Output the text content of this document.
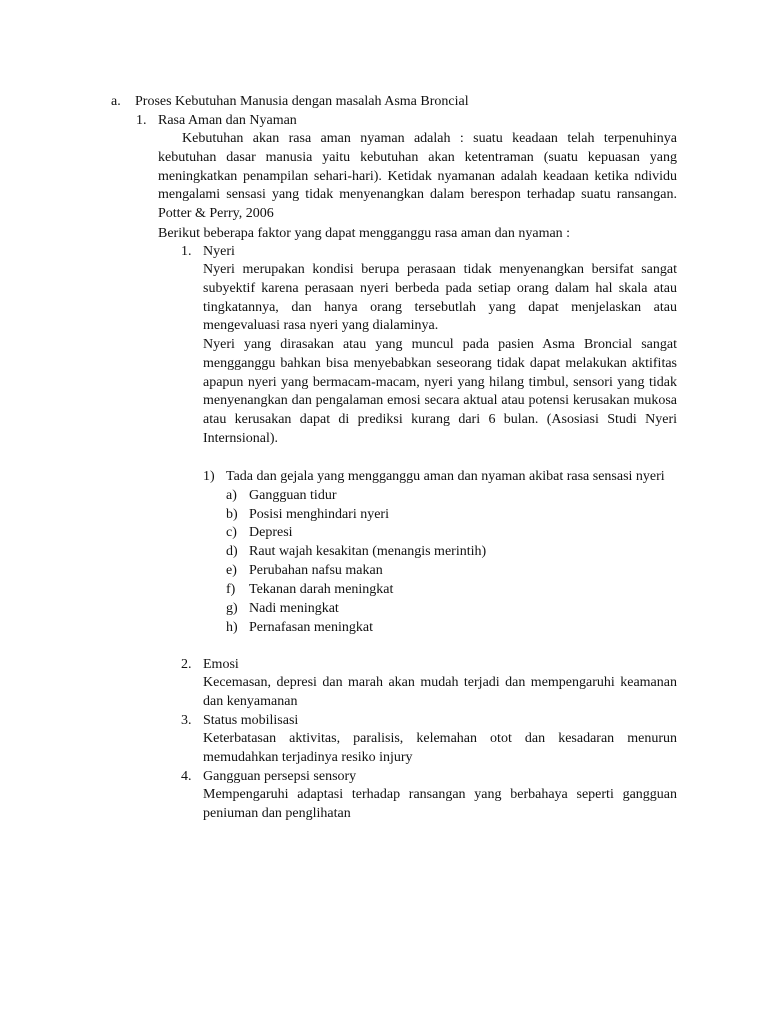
a. Proses Kebutuhan Manusia dengan masalah Asma Broncial
1. Rasa Aman dan Nyaman
Kebutuhan akan rasa aman nyaman adalah : suatu keadaan telah terpenuhinya kebutuhan dasar manusia yaitu kebutuhan akan ketentraman (suatu kepuasan yang meningkatkan penampilan sehari-hari). Ketidak nyamanan adalah keadaan ketika ndividu mengalami sensasi yang tidak menyenangkan dalam berespon terhadap suatu ransangan. Potter & Perry, 2006
Berikut beberapa faktor yang dapat mengganggu rasa aman dan nyaman :
1. Nyeri
Nyeri merupakan kondisi berupa perasaan tidak menyenangkan bersifat sangat subyektif karena perasaan nyeri berbeda pada setiap orang dalam hal skala atau tingkatannya, dan hanya orang tersebutlah yang dapat menjelaskan atau mengevaluasi rasa nyeri yang dialaminya.
Nyeri yang dirasakan atau yang muncul pada pasien Asma Broncial sangat mengganggu bahkan bisa menyebabkan seseorang tidak dapat melakukan aktifitas apapun nyeri yang bermacam-macam, nyeri yang hilang timbul, sensori yang tidak menyenangkan dan pengalaman emosi secara aktual atau potensi kerusakan mukosa atau kerusakan dapat di prediksi kurang dari 6 bulan. (Asosiasi Studi Nyeri Internsional).
1) Tada dan gejala yang mengganggu aman dan nyaman akibat rasa sensasi nyeri
a) Gangguan tidur
b) Posisi menghindari nyeri
c) Depresi
d) Raut wajah kesakitan (menangis merintih)
e) Perubahan nafsu makan
f) Tekanan darah meningkat
g) Nadi meningkat
h) Pernafasan meningkat
2. Emosi
Kecemasan, depresi dan marah akan mudah terjadi dan mempengaruhi keamanan dan kenyamanan
3. Status mobilisasi
Keterbatasan aktivitas, paralisis, kelemahan otot dan kesadaran menurun memudahkan terjadinya resiko injury
4. Gangguan persepsi sensory
Mempengaruhi adaptasi terhadap ransangan yang berbahaya seperti gangguan peniuman dan penglihatan
